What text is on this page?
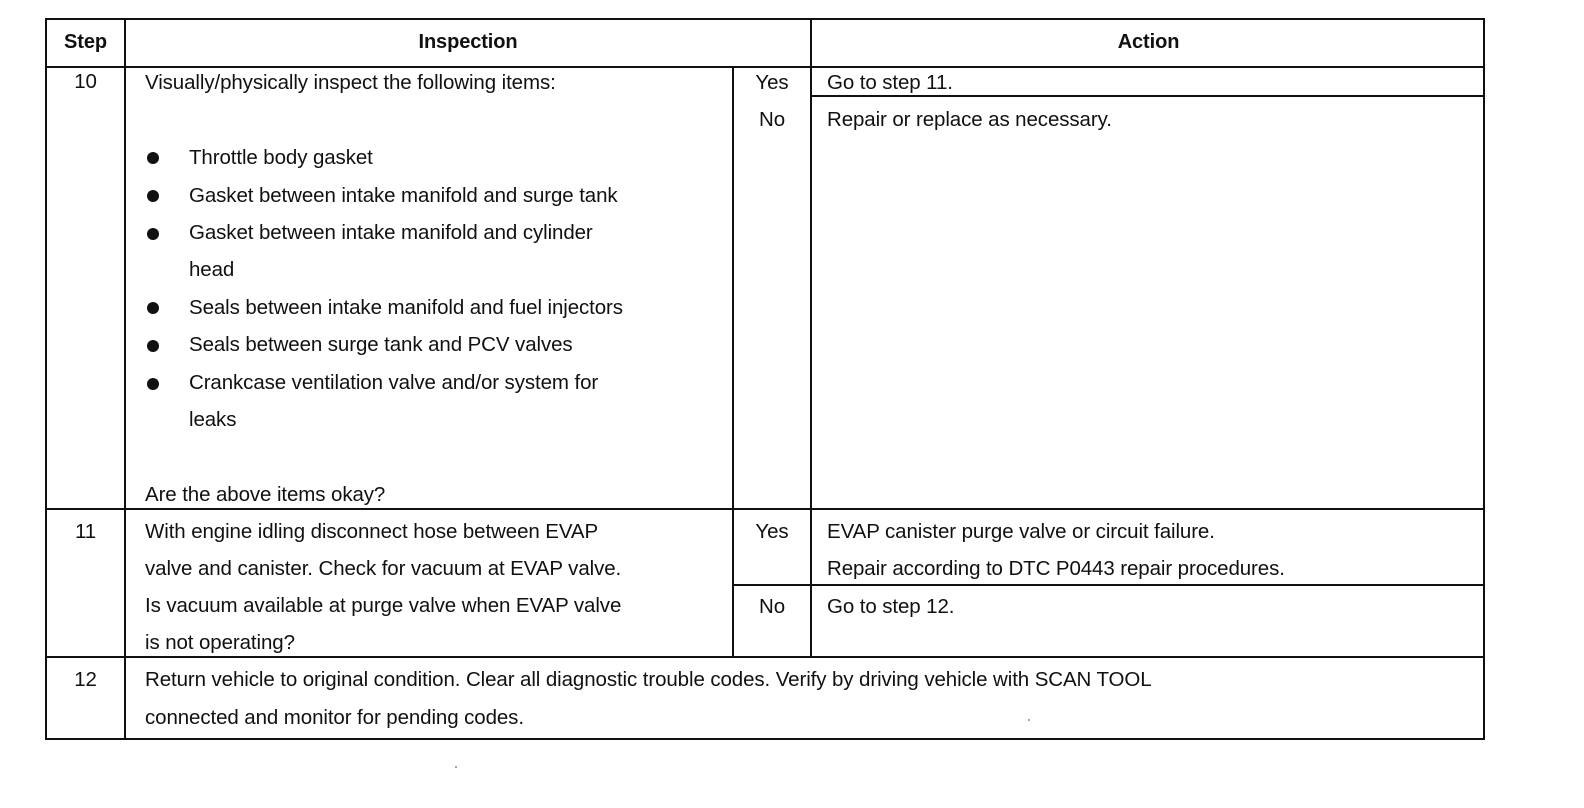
Step	Inspection	Action
10	Visually/physically inspect the following items:
Throttle body gasket
Gasket between intake manifold and surge tank
Gasket between intake manifold and cylinder
head
Seals between intake manifold and fuel injectors
Seals between surge tank and PCV valves
Crankcase ventilation valve and/or system for
leaks
Are the above items okay?
Yes	Go to step 11.
No	Repair or replace as necessary.
11	With engine idling disconnect hose between EVAP
valve and canister. Check for vacuum at EVAP valve.
Is vacuum available at purge valve when EVAP valve
is not operating?
Yes	EVAP canister purge valve or circuit failure.
Repair according to DTC P0443 repair procedures.
No	Go to step 12.
12	Return vehicle to original condition. Clear all diagnostic trouble codes. Verify by driving vehicle with SCAN TOOL
connected and monitor for pending codes.
